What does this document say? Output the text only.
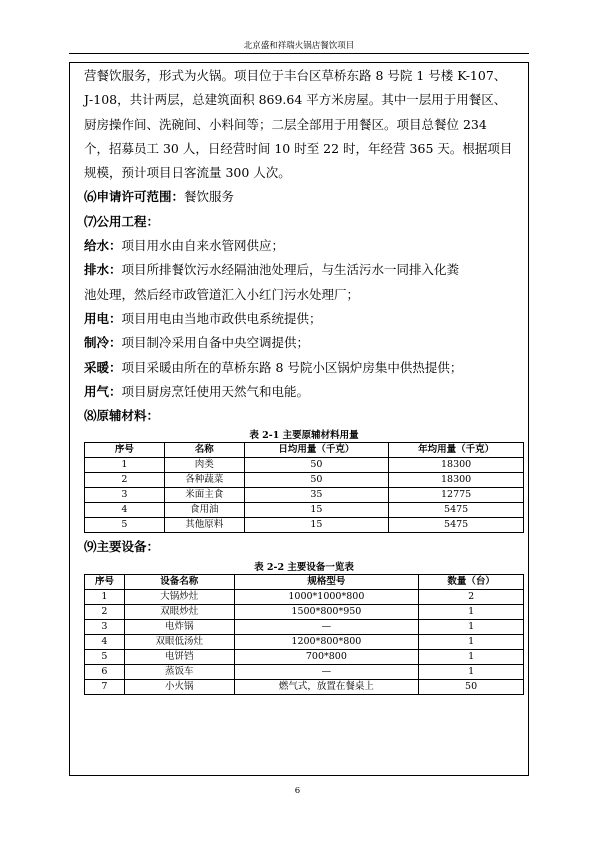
北京盛和祥瑞火锅店餐饮项目
营餐饮服务，形式为火锅。项目位于丰台区草桥东路 8 号院 1 号楼 K-107、
J-108，共计两层，总建筑面积 869.64 平方米房屋。其中一层用于用餐区、
厨房操作间、洗碗间、小料间等；二层全部用于用餐区。项目总餐位 234
个，招募员工 30 人，日经营时间 10 时至 22 时，年经营 365 天。根据项目
规模，预计项目日客流量 300 人次。
⑹申请许可范围：餐饮服务
⑺公用工程：
给水：项目用水由自来水管网供应；
排水：项目所排餐饮污水经隔油池处理后，与生活污水一同排入化粪
池处理，然后经市政管道汇入小红门污水处理厂；
用电：项目用电由当地市政供电系统提供；
制冷：项目制冷采用自备中央空调提供；
采暖：项目采暖由所在的草桥东路 8 号院小区锅炉房集中供热提供；
用气：项目厨房烹饪使用天然气和电能。
⑻原辅材料：
表 2-1 主要原辅材料用量
序号	名称	日均用量（千克）	年均用量（千克）
1	肉类	50	18300
2	各种蔬菜	50	18300
3	米面主食	35	12775
4	食用油	15	5475
5	其他原料	15	5475
⑼主要设备：
表 2-2 主要设备一览表
序号	设备名称	规格型号	数量（台）
1	大锅炒灶	1000*1000*800	2
2	双眼炒灶	1500*800*950	1
3	电炸锅	—	1
4	双眼低汤灶	1200*800*800	1
5	电饼铛	700*800	1
6	蒸饭车	—	1
7	小火锅	燃气式，放置在餐桌上	50
6
